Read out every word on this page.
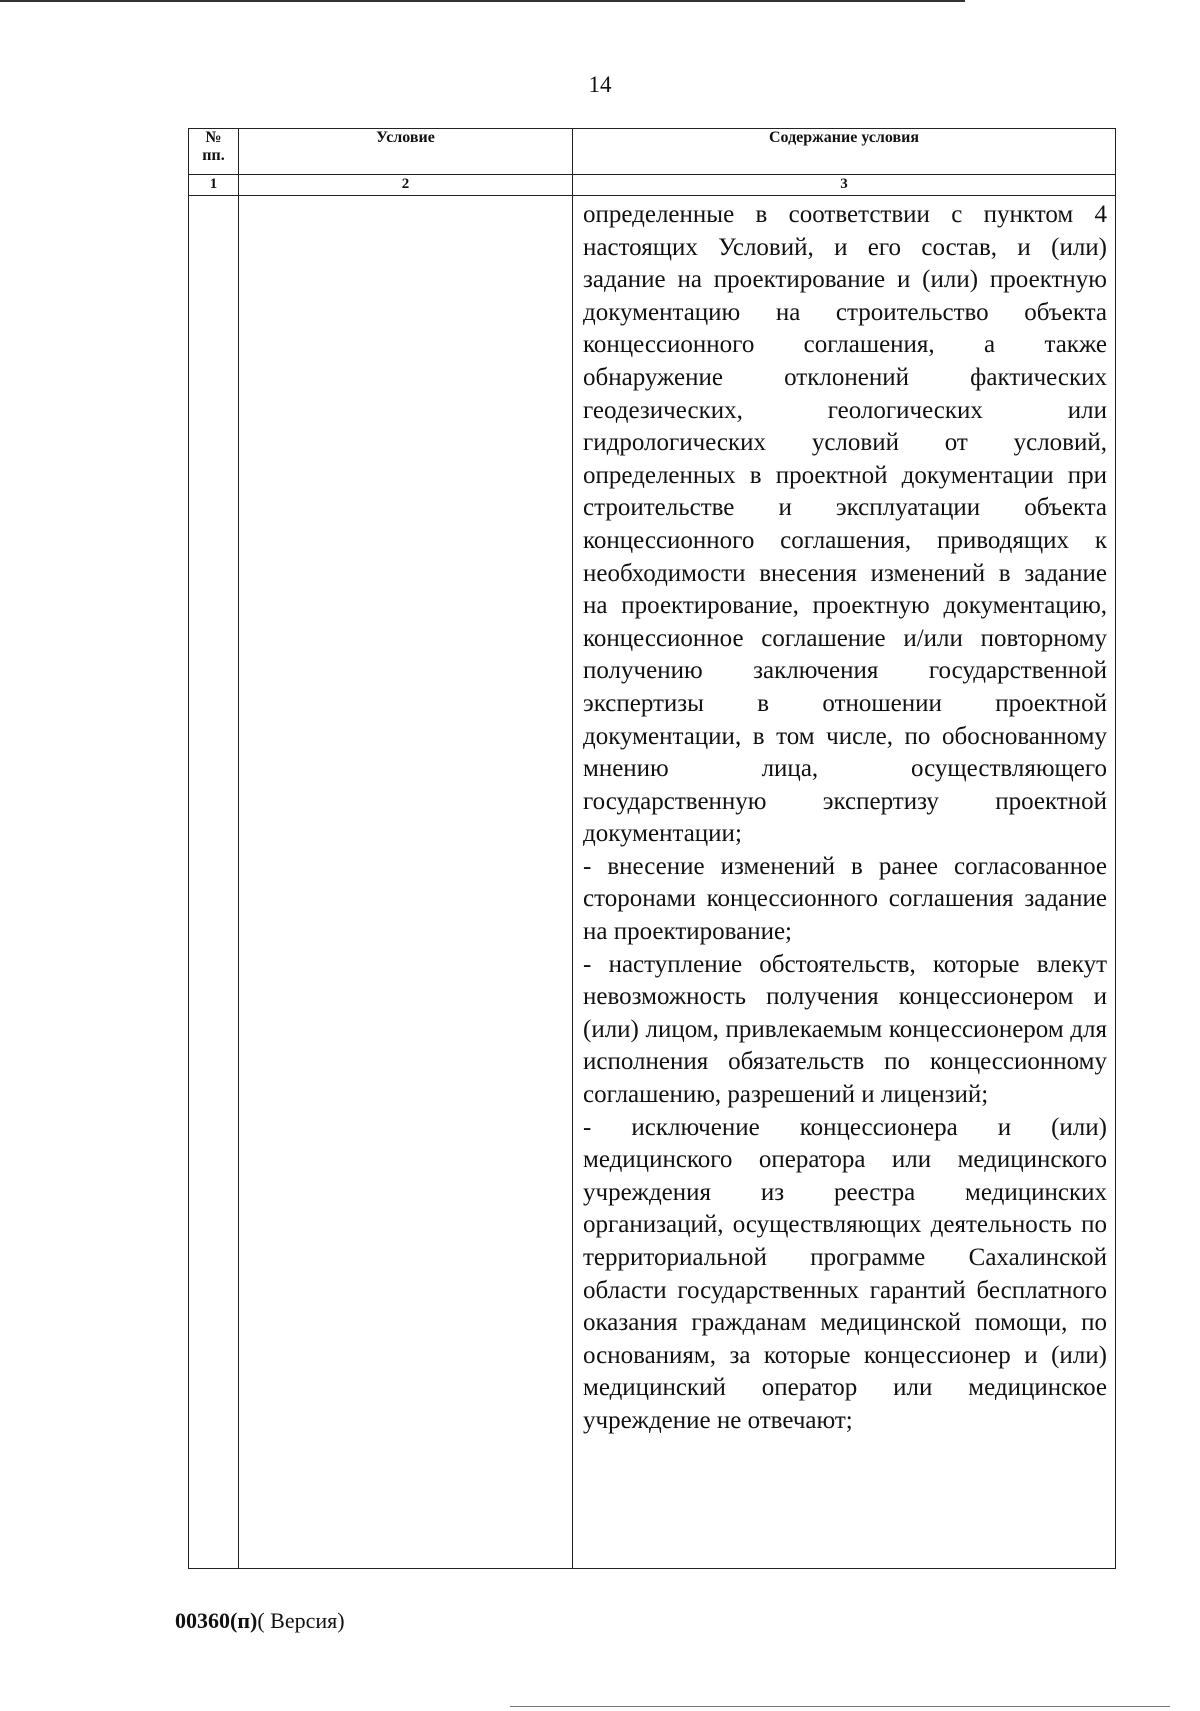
14
№
пп.	Условие	Содержание условия
1	2	3

		определенные в соответствии с пунктом 4 настоящих Условий, и его состав, и (или) задание на проектирование и (или) проектную документацию на строительство объекта концессионного соглашения, а также обнаружение отклонений фактических геодезических, геологических или гидрологических условий от условий, определенных в проектной документации при строительстве и эксплуатации объекта концессионного соглашения, приводящих к необходимости внесения изменений в задание на проектирование, проектную документацию, концессионное соглашение и/или повторному получению заключения государственной экспертизы в отношении проектной документации, в том числе, по обоснованному мнению лица, осуществляющего государственную экспертизу проектной документации;

- внесение изменений в ранее согласованное сторонами концессионного соглашения задание на проектирование;

- наступление обстоятельств, которые влекут невозможность получения концессионером и (или) лицом, привлекаемым концессионером для исполнения обязательств по концессионному соглашению, разрешений и лицензий;

- исключение концессионера и (или) медицинского оператора или медицинского учреждения из реестра медицинских организаций, осуществляющих деятельность по территориальной программе Сахалинской области государственных гарантий бесплатного оказания гражданам медицинской помощи, по основаниям, за которые концессионер и (или) медицинский оператор или медицинское учреждение не отвечают;

00360(п)( Версия)
